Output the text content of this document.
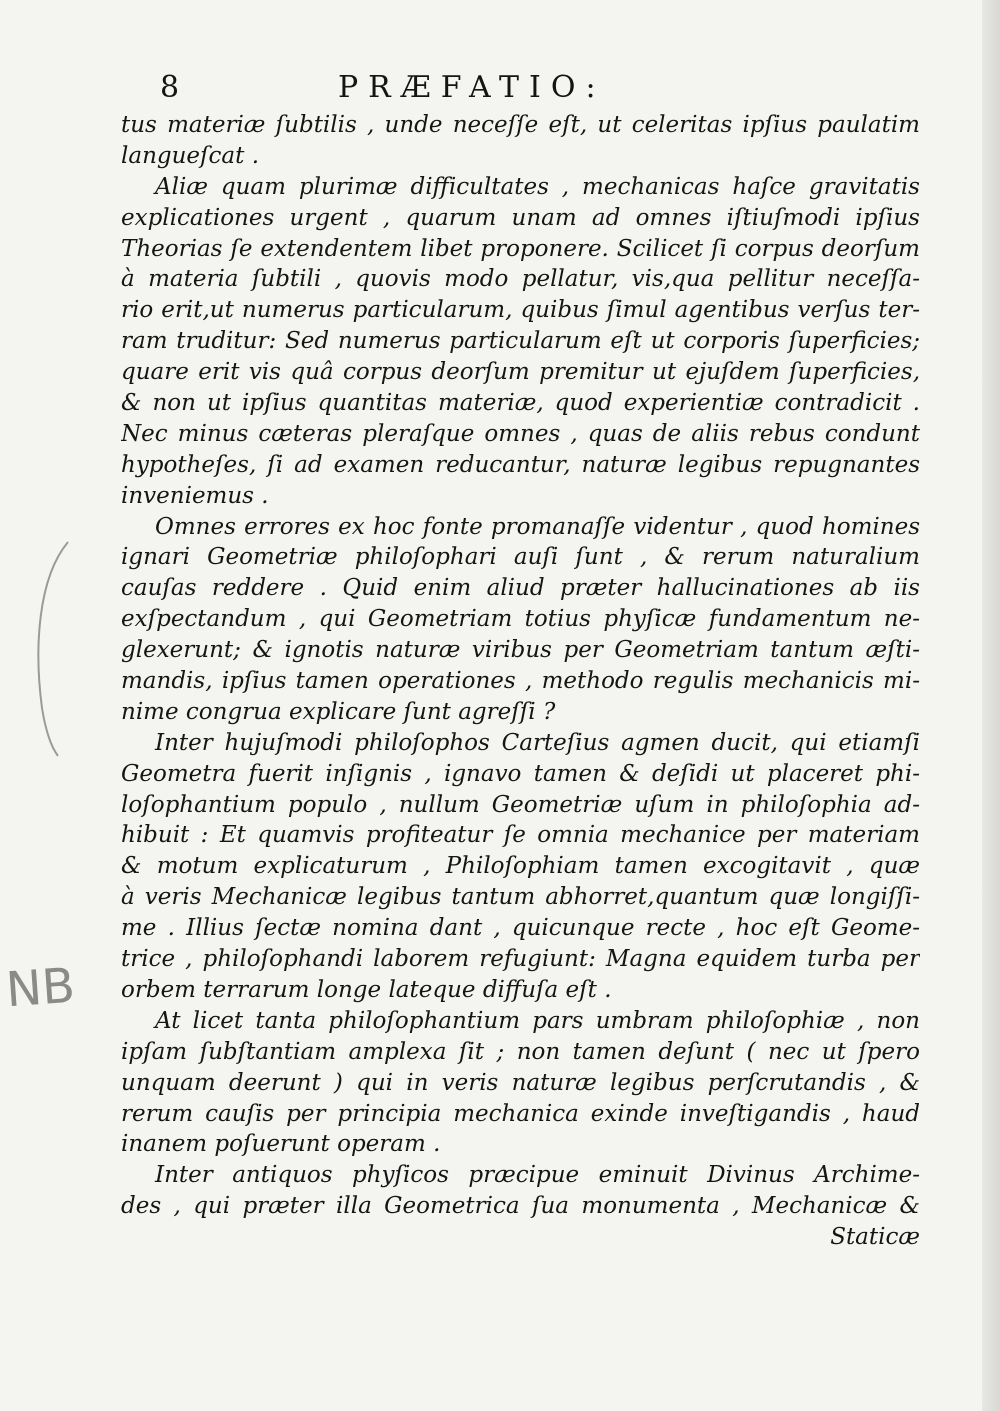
8	PRÆFATIO:
tus materiæ ſubtilis , unde neceſſe eſt, ut celeritas ipſius paulatim
langueſcat .
Aliæ quam plurimæ difficultates , mechanicas haſce gravitatis
explicationes urgent , quarum unam ad omnes iſtiuſmodi ipſius
Theorias ſe extendentem libet proponere. Scilicet ſi corpus deorſum
à materia ſubtili , quovis modo pellatur, vis,qua pellitur neceſſa-
rio erit,ut numerus particularum, quibus ſimul agentibus verſus ter-
ram truditur: Sed numerus particularum eſt ut corporis ſuperficies;
quare erit vis quâ corpus deorſum premitur ut ejuſdem ſuperficies,
& non ut ipſius quantitas materiæ, quod experientiæ contradicit .
Nec minus cæteras pleraſque omnes , quas de aliis rebus condunt
hypotheſes, ſi ad examen reducantur, naturæ legibus repugnantes
inveniemus .
Omnes errores ex hoc fonte promanaſſe videntur , quod homines
ignari Geometriæ philoſophari auſi ſunt , & rerum naturalium
cauſas reddere . Quid enim aliud præter hallucinationes ab iis
exſpectandum , qui Geometriam totius phyſicæ fundamentum ne-
glexerunt; & ignotis naturæ viribus per Geometriam tantum æſti-
mandis, ipſius tamen operationes , methodo regulis mechanicis mi-
nime congrua explicare ſunt agreſſi ?
Inter hujuſmodi philoſophos Carteſius agmen ducit, qui etiamſi
Geometra fuerit inſignis , ignavo tamen & deſidi ut placeret phi-
loſophantium populo , nullum Geometriæ uſum in philoſophia ad-
hibuit : Et quamvis profiteatur ſe omnia mechanice per materiam
& motum explicaturum , Philoſophiam tamen excogitavit , quæ
à veris Mechanicæ legibus tantum abhorret,quantum quæ longiſſi-
me . Illius ſectæ nomina dant , quicunque recte , hoc eſt Geome-
trice , philoſophandi laborem refugiunt: Magna equidem turba per
orbem terrarum longe lateque diffuſa eſt .
At licet tanta philoſophantium pars umbram philoſophiæ , non
ipſam ſubſtantiam amplexa ſit ; non tamen deſunt ( nec ut ſpero
unquam deerunt ) qui in veris naturæ legibus perſcrutandis , &
rerum cauſis per principia mechanica exinde inveſtigandis , haud
inanem poſuerunt operam .
Inter antiquos phyſicos præcipue eminuit Divinus Archime-
des , qui præter illa Geometrica ſua monumenta , Mechanicæ &
Staticæ
NB
